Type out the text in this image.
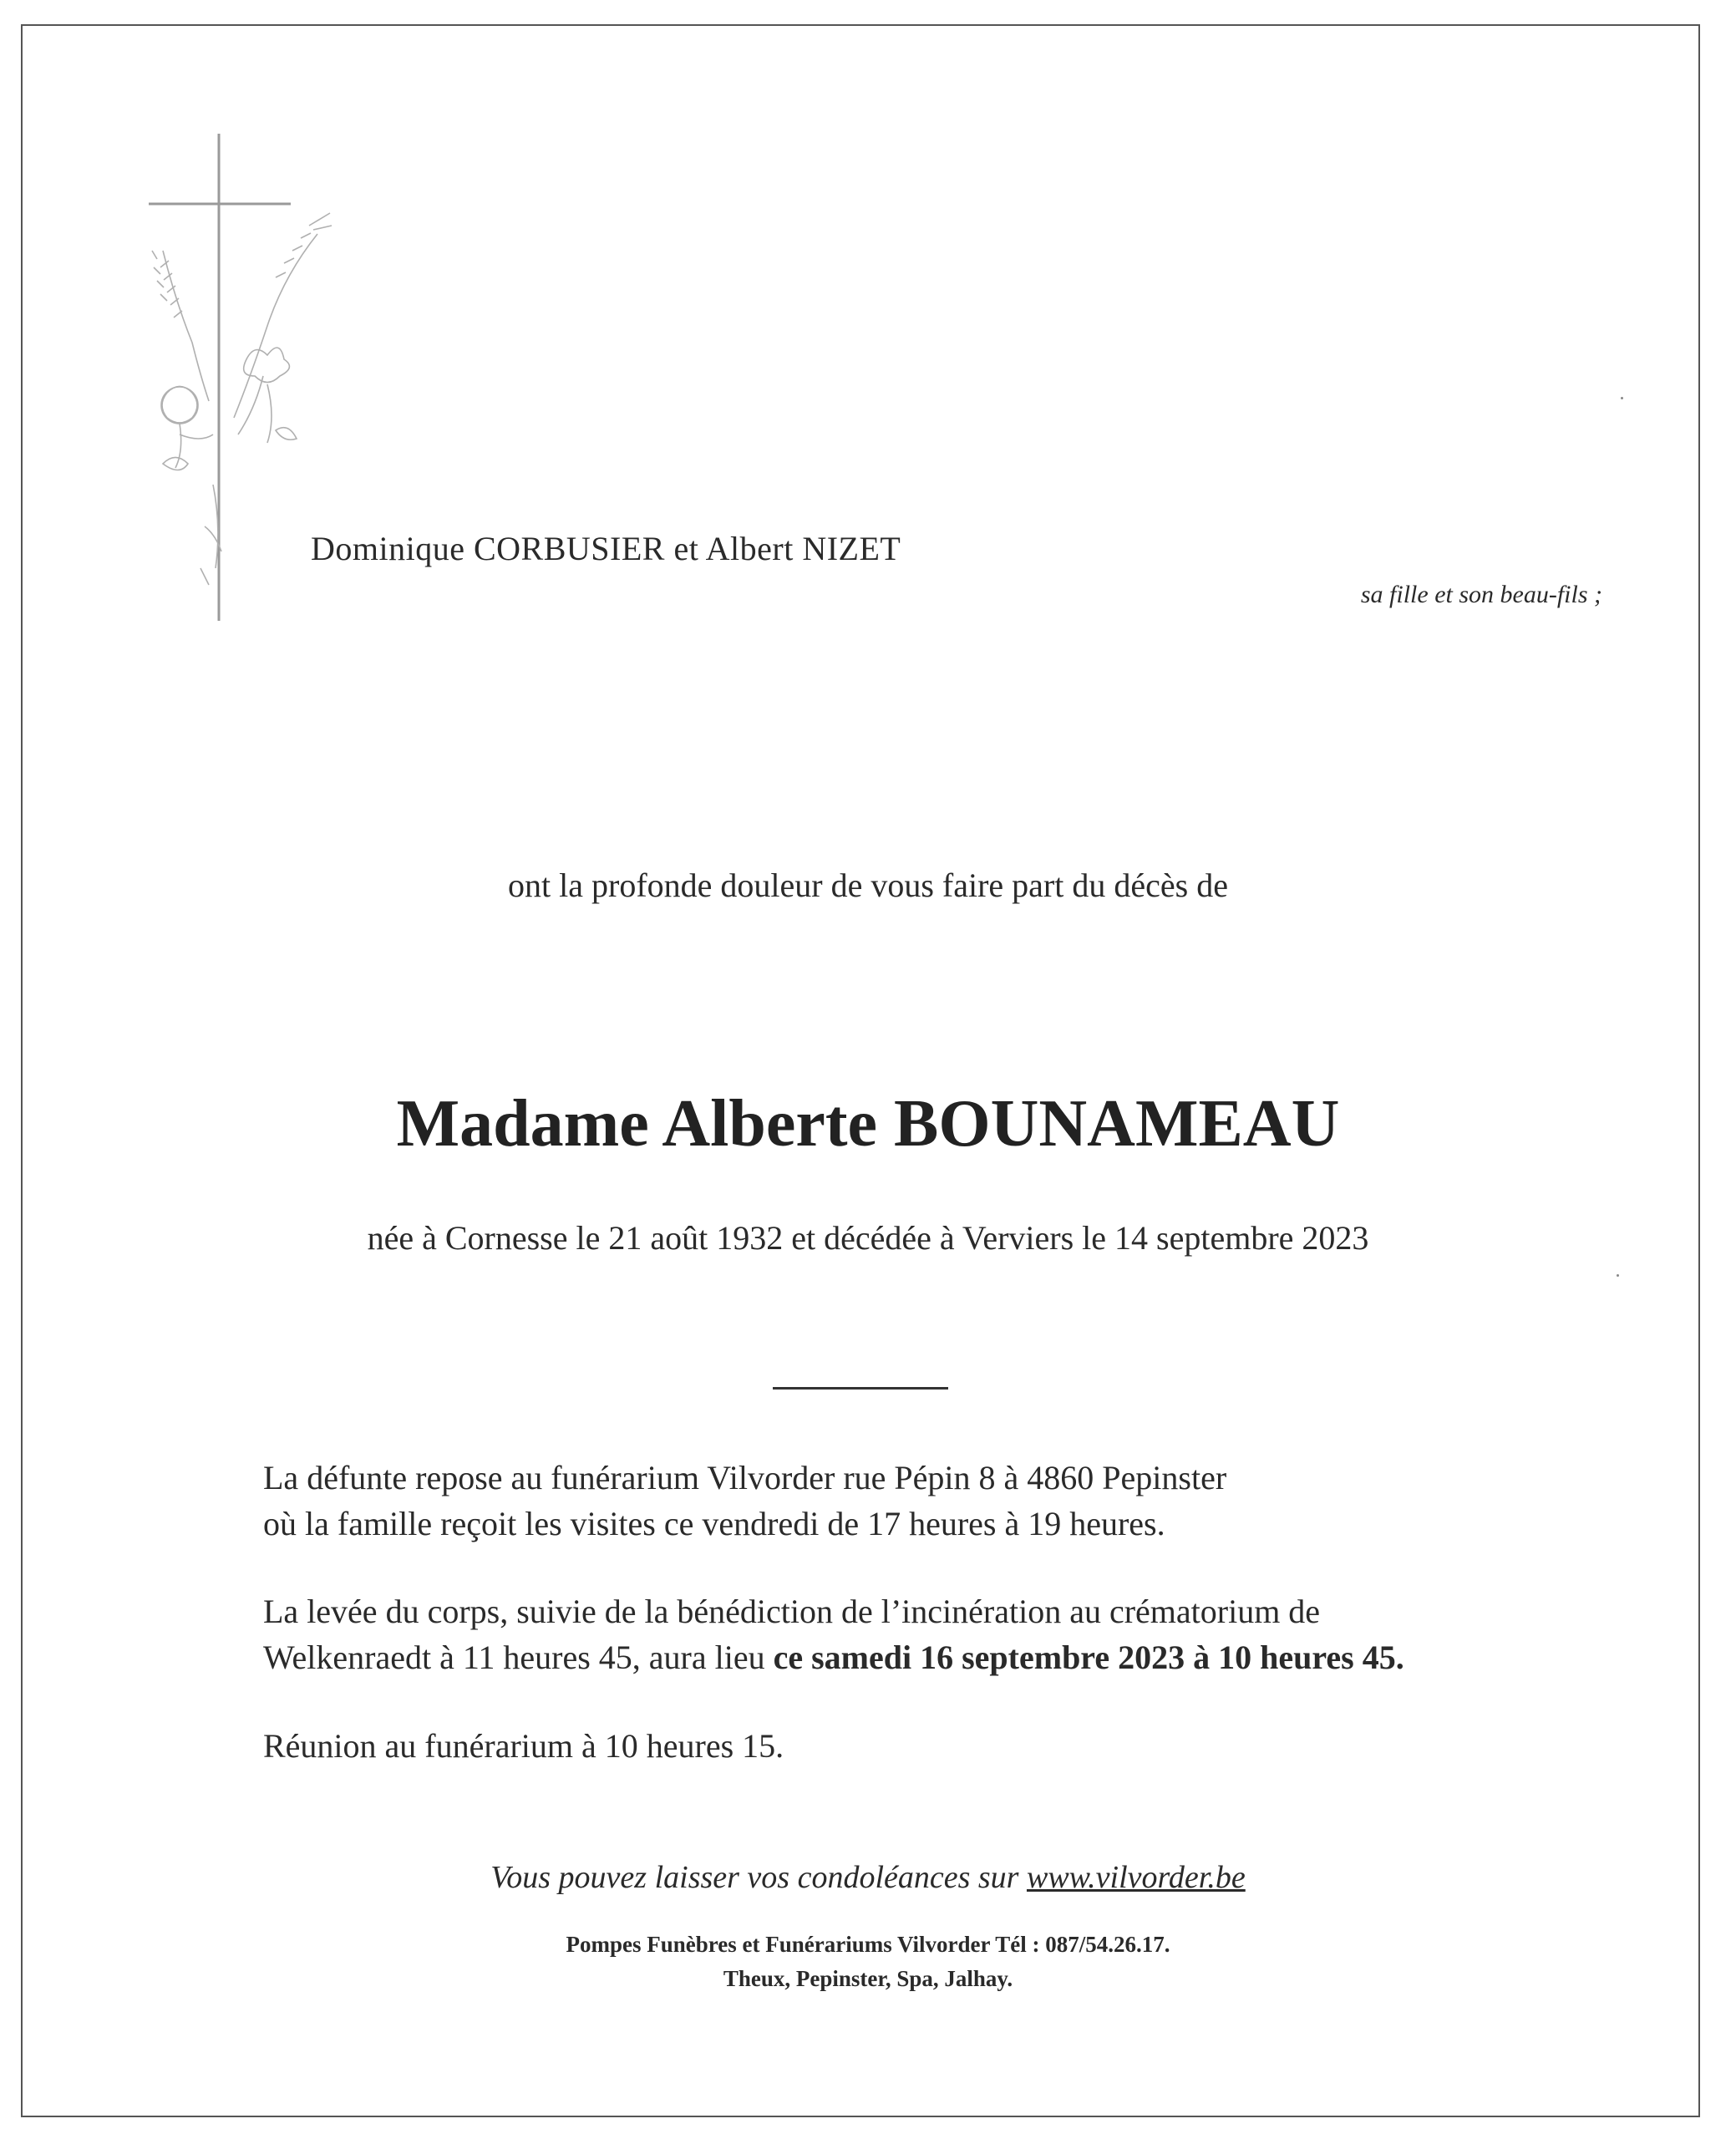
Dominique CORBUSIER et Albert NIZET
sa fille et son beau-fils ;
ont la profonde douleur de vous faire part du décès de
Madame Alberte BOUNAMEAU
née à Cornesse le 21 août 1932 et décédée à Verviers le 14 septembre 2023
La défunte repose au funérarium Vilvorder rue Pépin 8 à 4860 Pepinster
où la famille reçoit les visites ce vendredi de 17 heures à 19 heures.
La levée du corps, suivie de la bénédiction de l’incinération au crématorium de
Welkenraedt à 11 heures 45, aura lieu ce samedi 16 septembre 2023 à 10 heures 45.
Réunion au funérarium à 10 heures 15.
Vous pouvez laisser vos condoléances sur www.vilvorder.be
Pompes Funèbres et Funérariums Vilvorder Tél : 087/54.26.17.
Theux, Pepinster, Spa, Jalhay.
